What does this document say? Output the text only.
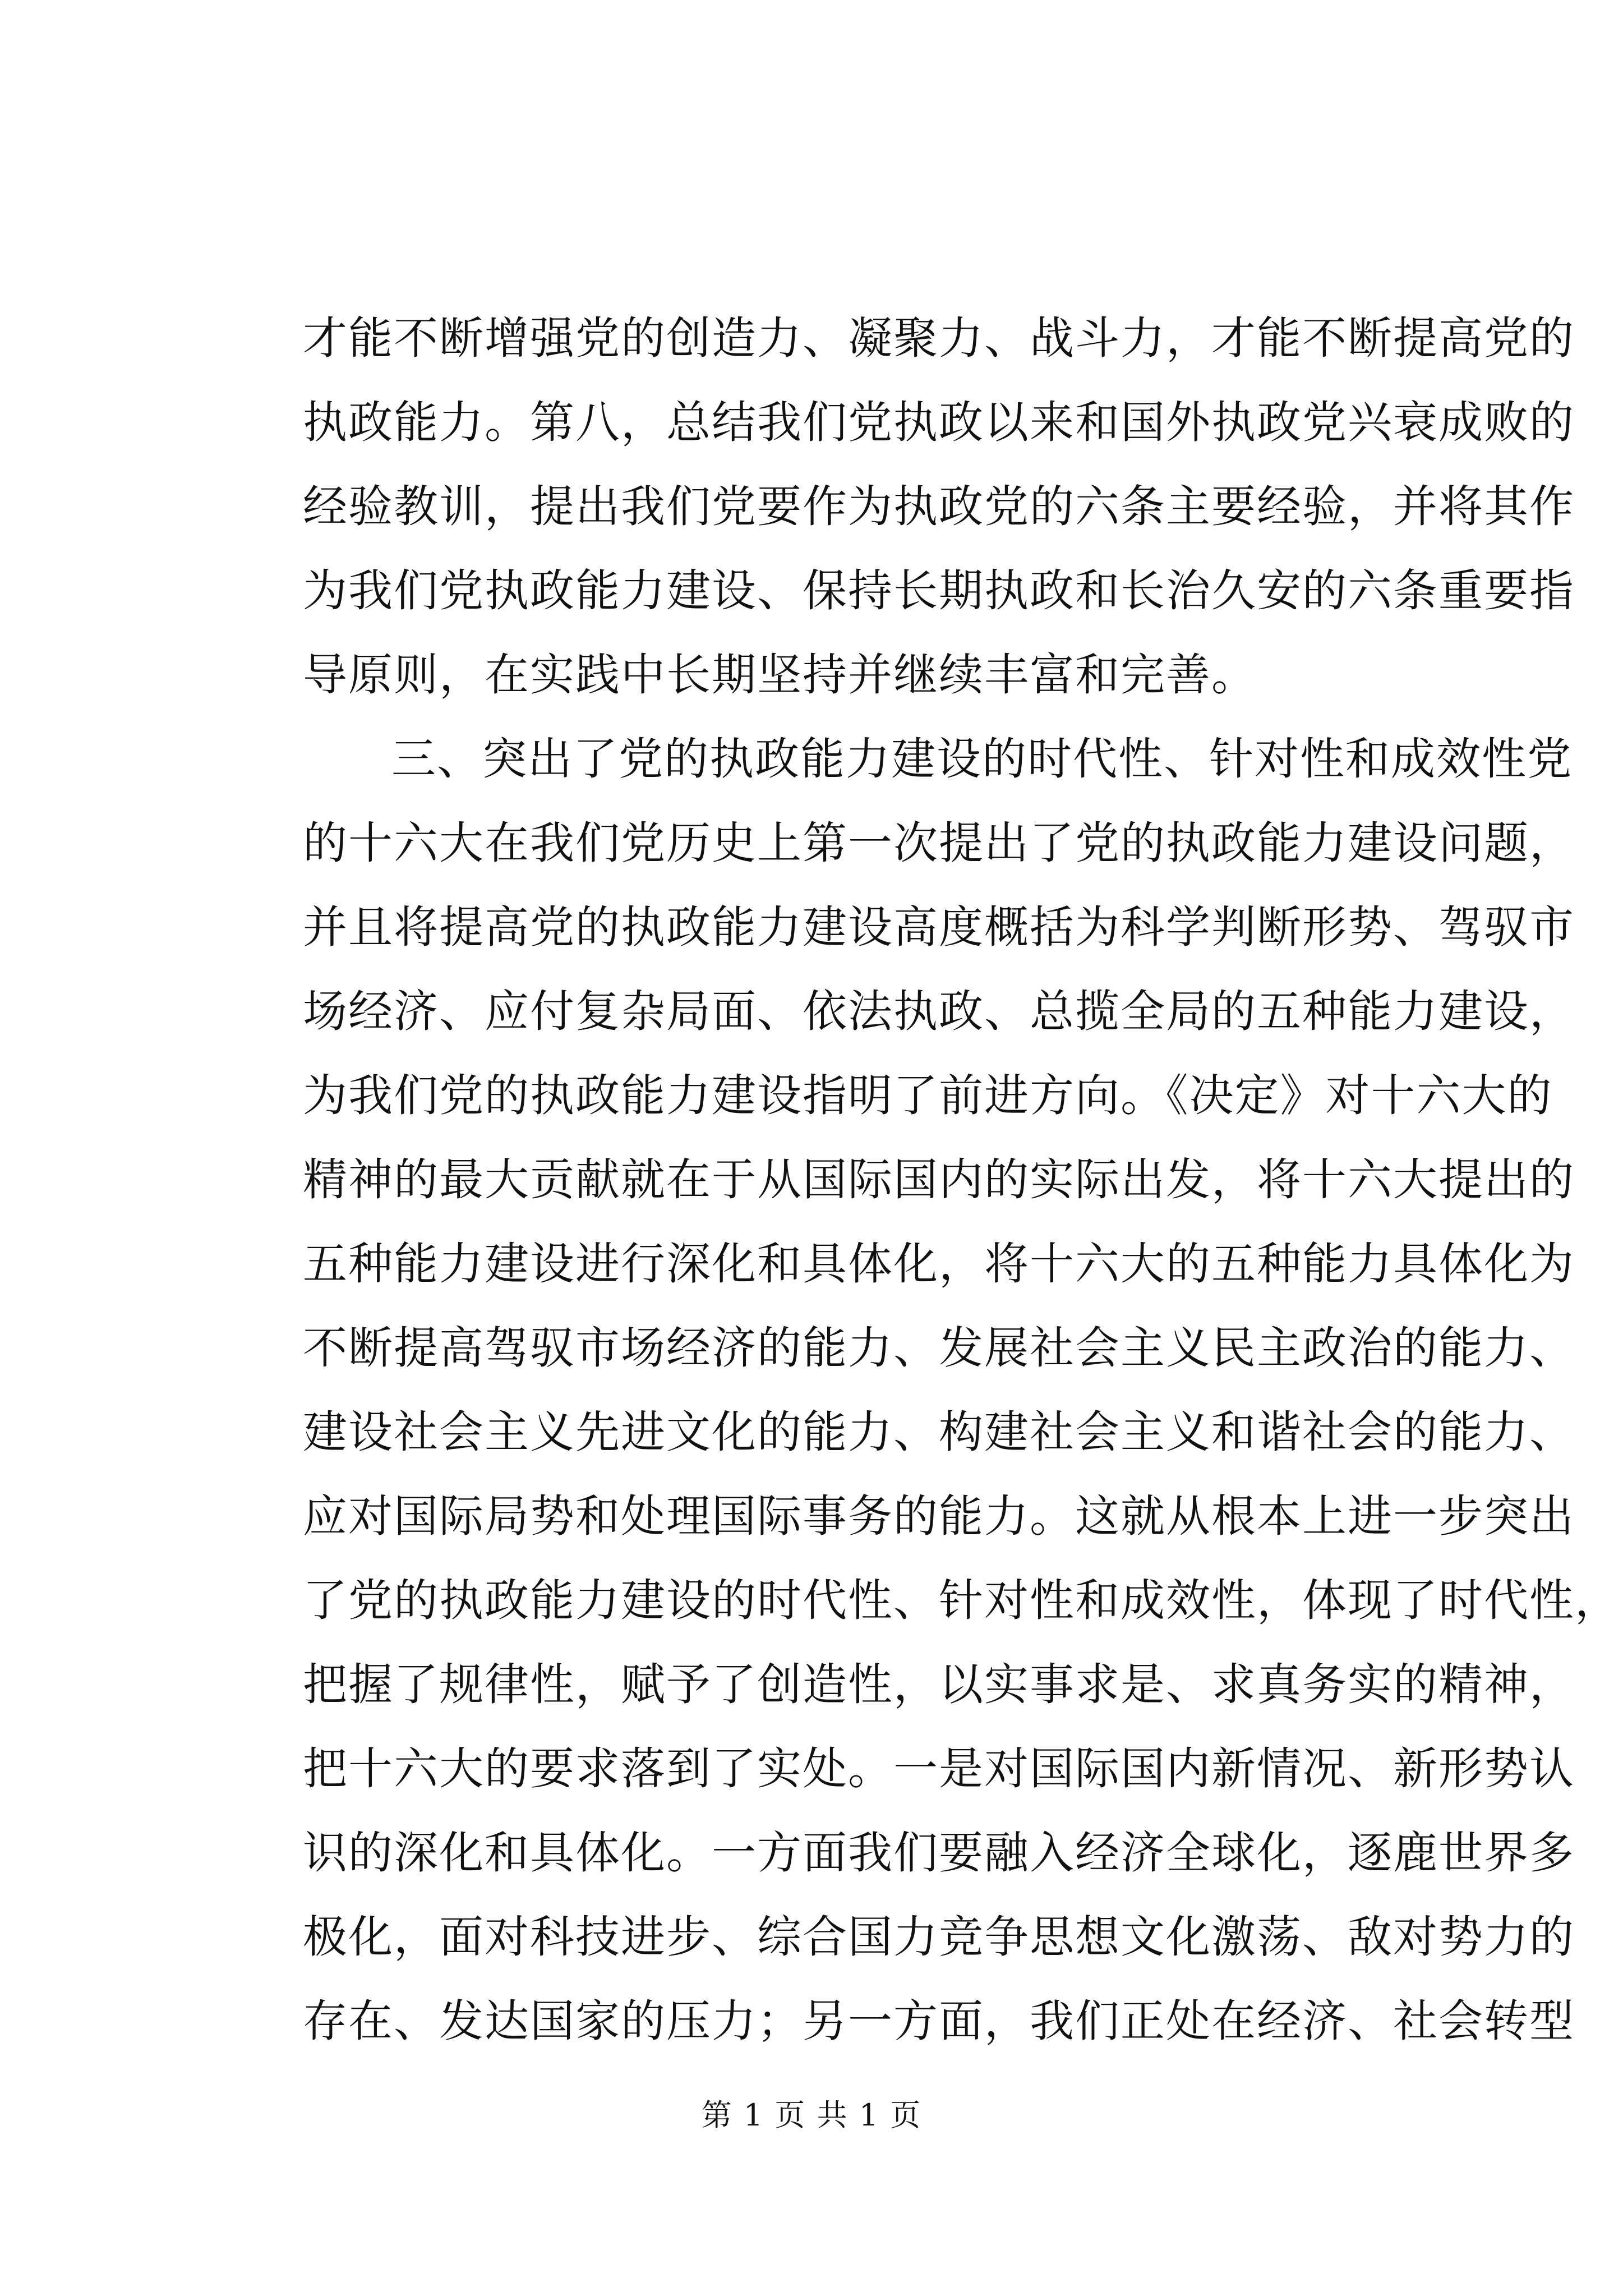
才能不断增强党的创造力、凝聚力、战斗力，才能不断提高党的
执政能力。第八，总结我们党执政以来和国外执政党兴衰成败的
经验教训，提出我们党要作为执政党的六条主要经验，并将其作
为我们党执政能力建设、保持长期执政和长治久安的六条重要指
导原则，在实践中长期坚持并继续丰富和完善。
三、突出了党的执政能力建设的时代性、针对性和成效性党
的十六大在我们党历史上第一次提出了党的执政能力建设问题，
并且将提高党的执政能力建设高度概括为科学判断形势、驾驭市
场经济、应付复杂局面、依法执政、总揽全局的五种能力建设，
为我们党的执政能力建设指明了前进方向。《决定》对十六大的
精神的最大贡献就在于从国际国内的实际出发，将十六大提出的
五种能力建设进行深化和具体化，将十六大的五种能力具体化为
不断提高驾驭市场经济的能力、发展社会主义民主政治的能力、
建设社会主义先进文化的能力、构建社会主义和谐社会的能力、
应对国际局势和处理国际事务的能力。这就从根本上进一步突出
了党的执政能力建设的时代性、针对性和成效性，体现了时代性，
把握了规律性，赋予了创造性，以实事求是、求真务实的精神，
把十六大的要求落到了实处。一是对国际国内新情况、新形势认
识的深化和具体化。一方面我们要融入经济全球化，逐鹿世界多
极化，面对科技进步、综合国力竞争思想文化激荡、敌对势力的
存在、发达国家的压力；另一方面，我们正处在经济、社会转型
第 1 页 共 1 页
